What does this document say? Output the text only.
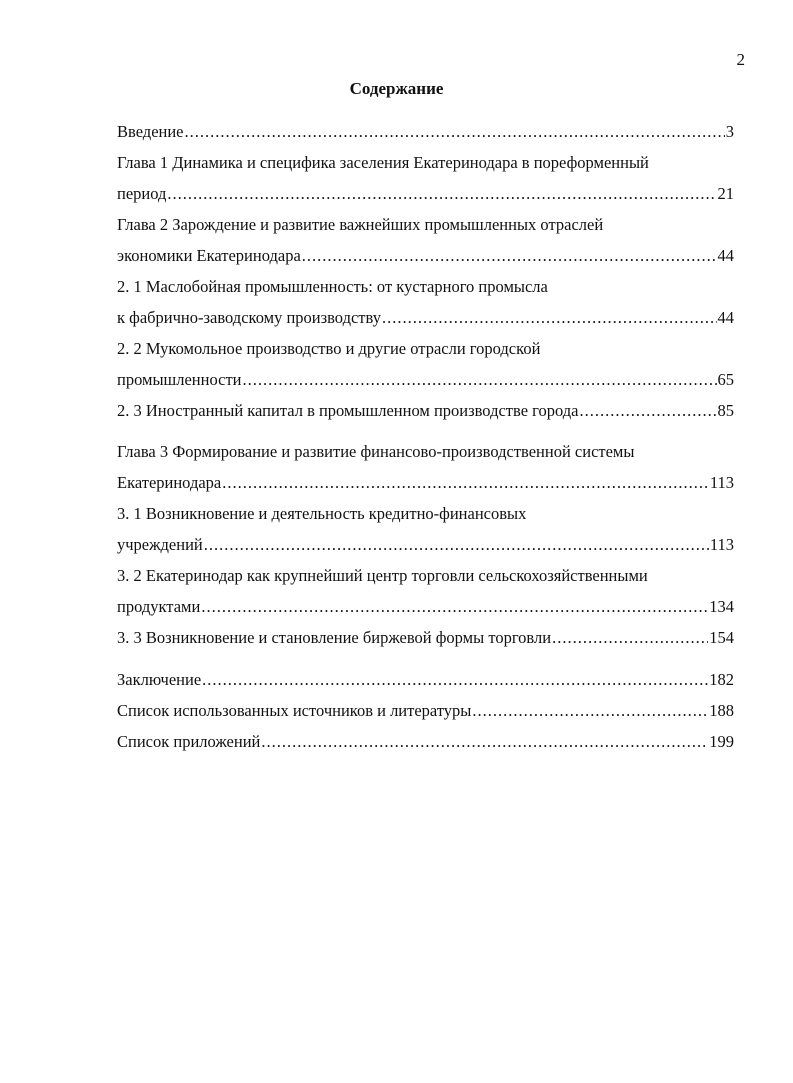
2
Содержание
Введение .....	3
Глава 1 Динамика и специфика заселения Екатеринодара в пореформенный
период .....	21
Глава 2 Зарождение и развитие важнейших промышленных отраслей
экономики Екатеринодара .....	44
2. 1 Маслобойная промышленность: от кустарного промысла
к фабрично-заводскому производству .....	44
2. 2 Мукомольное производство и другие отрасли городской
промышленности .....	65
2. 3 Иностранный капитал в промышленном производстве города .....	85
Глава 3 Формирование и развитие финансово-производственной системы
Екатеринодара .....	113
3. 1 Возникновение и деятельность кредитно-финансовых
учреждений .....	113
3. 2 Екатеринодар как крупнейший центр торговли сельскохозяйственными
продуктами .....	134
3. 3 Возникновение и становление биржевой формы торговли .....	154
Заключение .....	182
Список использованных источников и литературы .....	188
Список приложений .....	199
